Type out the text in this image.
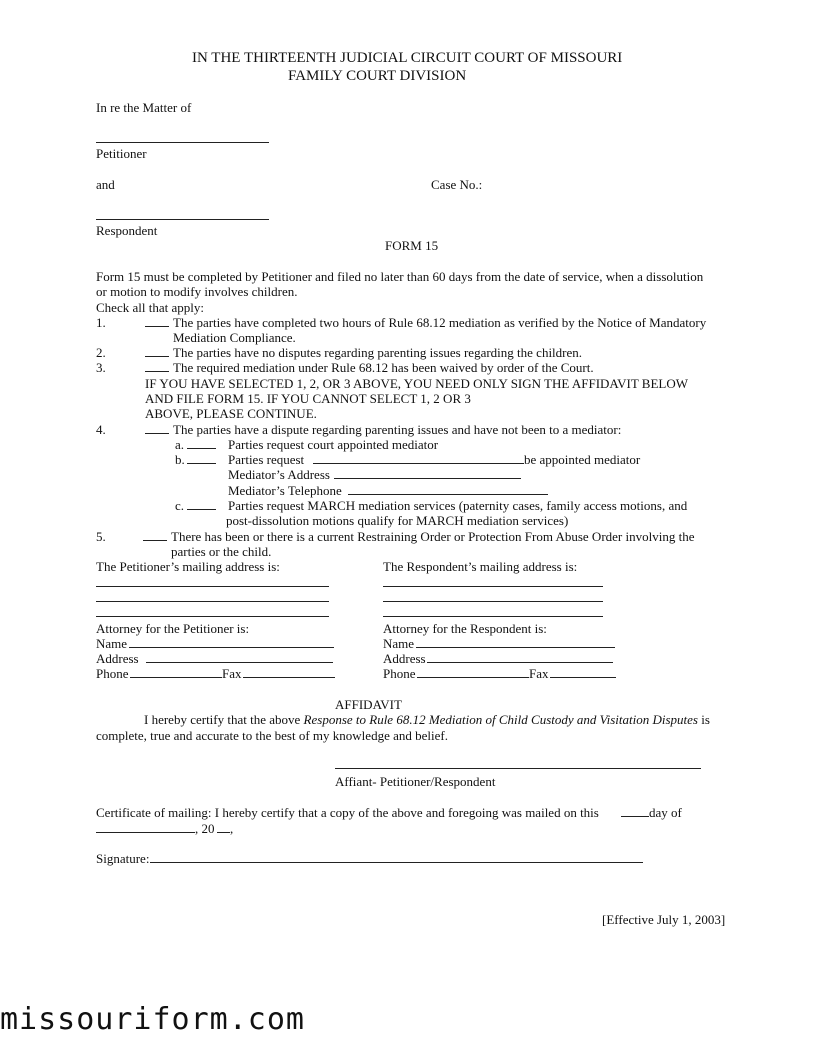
IN THE THIRTEENTH JUDICIAL CIRCUIT COURT OF MISSOURI
FAMILY COURT DIVISION
In re the Matter of
Petitioner
and	Case No.:
Respondent
FORM 15
Form 15 must be completed by Petitioner and filed no later than 60 days from the date of service, when a dissolution
or motion to modify involves children.
Check all that apply:
1.	The parties have completed two hours of Rule 68.12 mediation as verified by the Notice of Mandatory
Mediation Compliance.
2.	The parties have no disputes regarding parenting issues regarding the children.
3.	The required mediation under Rule 68.12 has been waived by order of the Court.
IF YOU HAVE SELECTED 1, 2, OR 3 ABOVE, YOU NEED ONLY SIGN THE AFFIDAVIT BELOW
AND FILE FORM 15. IF YOU CANNOT SELECT 1, 2 OR 3
ABOVE, PLEASE CONTINUE.
4.	The parties have a dispute regarding parenting issues and have not been to a mediator:
a.	Parties request court appointed mediator
b.	Parties request	be appointed mediator
Mediator’s Address
Mediator’s Telephone
c.	Parties request MARCH mediation services (paternity cases, family access motions, and
post-dissolution motions qualify for MARCH mediation services)
5.	There has been or there is a current Restraining Order or Protection From Abuse Order involving the
parties or the child.
The Petitioner’s mailing address is:	The Respondent’s mailing address is:
Attorney for the Petitioner is:	Attorney for the Respondent is:
Name
Address
Phone	Fax
Name
Address
Phone	Fax
AFFIDAVIT
I hereby certify that the above Response to Rule 68.12 Mediation of Child Custody and Visitation Disputes is
complete, true and accurate to the best of my knowledge and belief.
Affiant- Petitioner/Respondent
Certificate of mailing: I hereby certify that a copy of the above and foregoing was mailed on this	day of
, 20 ,
Signature:
[Effective July 1, 2003]
missouriform.com
